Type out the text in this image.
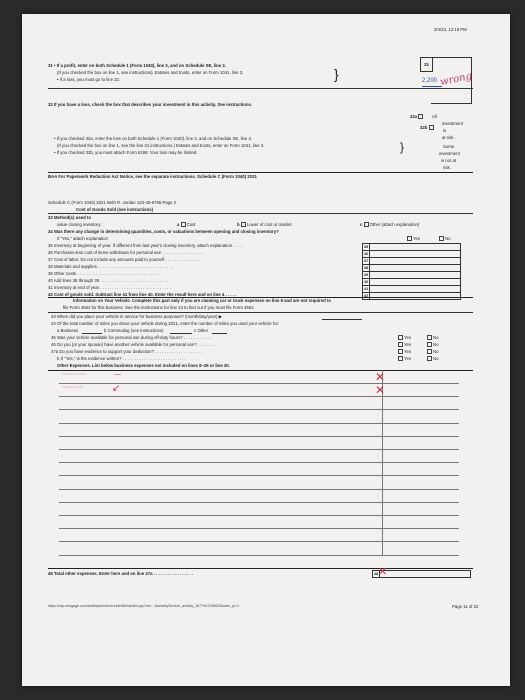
3/4/23, 12:16 PM
31 • If a profit, enter on both Schedule 1 (Form 1040), line 3, and on Schedule SE, line 2.
(If you checked the box on line 1, see instructions). Estates and trusts, enter on Form 1041, line 3.
• If a loss, you must go to line 32.	}
31
2,200 wrong
32 If you have a loss, check the box that describes your investment in this activity. See instructions.
32a	All
investment
is
at risk.
32b
Some
investment
is not at
risk.
• If you checked 32a, enter the loss on both Schedule 1 (Form 1040), line 3, and on Schedule SE, line 2.
(If you checked the box on line 1, see the line 31 instructions.) Estates and trusts, enter on Form 1041, line 3.
• If you checked 32b, you must attach Form 6198. Your loss may be limited.	}
BAA For Paperwork Reduction Act Notice, see the separate instructions. Schedule C (Form 1040) 2021
Schedule C (Form 1040) 2021 Beth R. Jordan 123-45-6765 Page 2
Cost of Goods Sold (see instructions)
33 Method(s) used to
value closing inventory:	a Cost	b Lower of cost or market	c Other (attach explanation)
34 Was there any change in determining quantities, costs, or valuations between opening and closing inventory?
If "Yes," attach explanation	Yes	No
35 Inventory at beginning of year. If different from last year's closing inventory, attach explanation . . . . .	35
36 Purchases less cost of items withdrawn for personal use . . . . . . . . . . . . . . . . . .	36
37 Cost of labor. Do not include any amounts paid to yourself . . . . . . . . . . . . . . . .	37
38 Materials and supplies . . . . . . . . . . . . . . . . . . . . . . . . . . . . . . . .	38
39 Other costs . . . . . . . . . . . . . . . . . . . . . . . . . . . . . . . . . . . .	39
40 Add lines 35 through 39 . . . . . . . . . . . . . . . . . . . . . . . . . . . . . .	40
41 Inventory at end of year . . . . . . . . . . . . . . . . . . . . . . . . . . . . . .	41
42 Cost of goods sold. Subtract line 41 from line 40. Enter the result here and on line 4 . . . . .	42
Information on Your Vehicle. Complete this part only if you are claiming car or truck expenses on line 9 and are not required to
file Form 4562 for this business. See the instructions for line 13 to find out if you must file Form 4562.
43 When did you place your vehicle in service for business purposes? (month/day/year) ▶
44 Of the total number of miles you drove your vehicle during 2021, enter the number of miles you used your vehicle for:
a Business	b Commuting (see instructions)	c Other
45 Was your vehicle available for personal use during off-duty hours? . . . . . . . . . . . .	Yes	No
46 Do you (or your spouse) have another vehicle available for personal use? . . . . . . . . .	Yes	No
47a Do you have evidence to support your deduction? . . . . . . . . . . . . . . . . . . . .	Yes	No
b If "Yes," is the evidence written? . . . . . . . . . . . . . . . . . . . . . . . . . . .	Yes	No
Other Expenses. List below business expenses not included on lines 8–26 or line 30.
~~~~~~~	—
~~~~~~	↙
✕
✕
48 Total other expenses. Enter here and on line 27a . . . . . . . . . . . . . . . . .	48 ✕
https://cxp.cengage.com/activityservice/runhtml5/handler.jsp?url=...&activityService_activity_1677947236029&cdm_pi=1	Page 11 of 22
